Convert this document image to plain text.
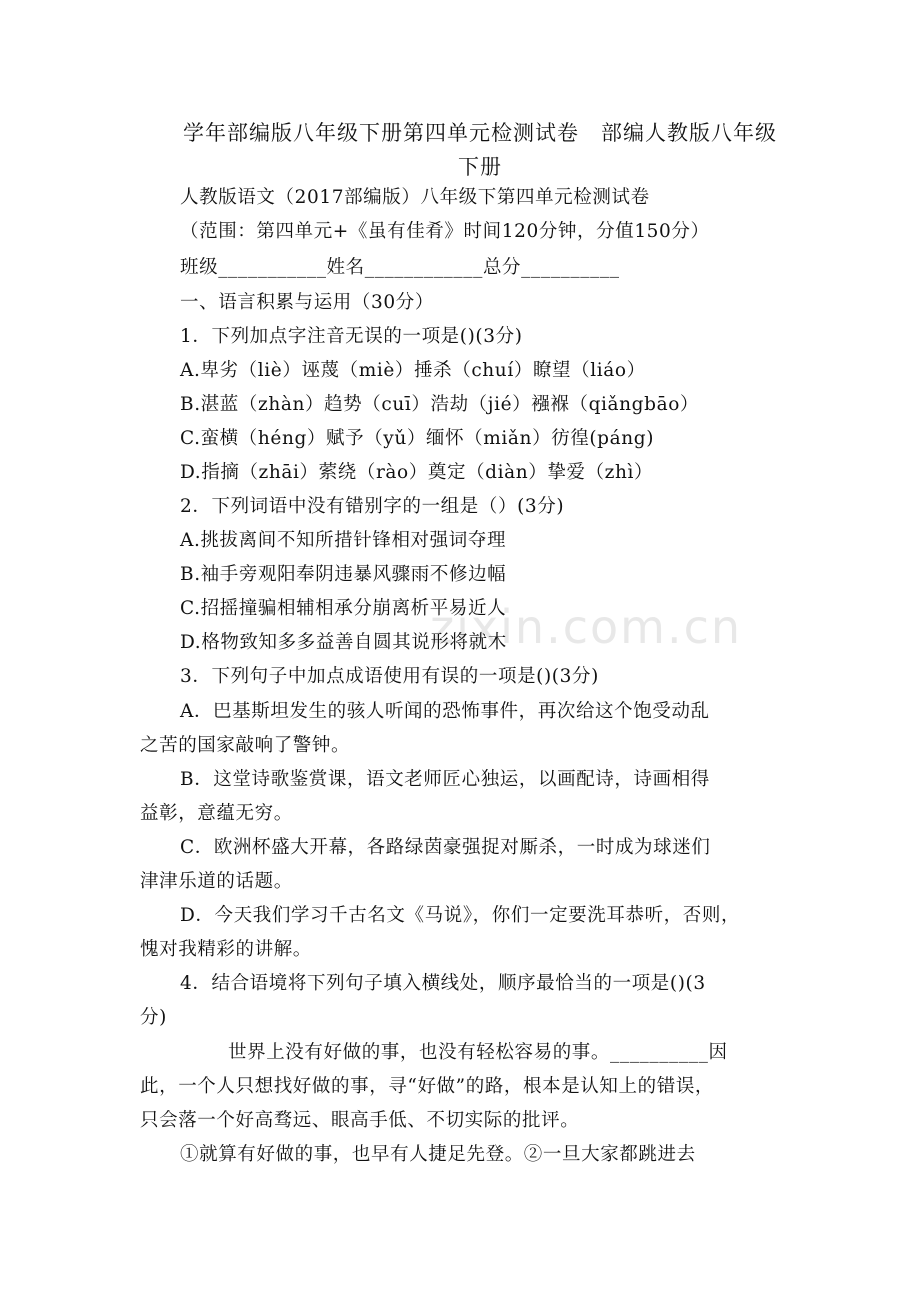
zixin.com.cn
学年部编版八年级下册第四单元检测试卷　部编人教版八年级
下册
人教版语文（2017部编版）八年级下第四单元检测试卷
（范围：第四单元+《虽有佳肴》时间120分钟，分值150分）
班级___________姓名____________总分__________
一、语言积累与运用（30分）
1．下列加点字注音无误的一项是()(3分)
A.卑劣（liè）诬蔑（miè）捶杀（chuí）瞭望（liáo）
B.湛蓝（zhàn）趋势（cuī）浩劫（jié）襁褓（qiǎngbāo）
C.蛮横（héng）赋予（yǔ）缅怀（miǎn）彷徨(páng)
D.指摘（zhāi）萦绕（rào）奠定（diàn）挚爱（zhì）
2．下列词语中没有错别字的一组是（）(3分)
A.挑拔离间不知所措针锋相对强词夺理
B.袖手旁观阳奉阴违暴风骤雨不修边幅
C.招摇撞骗相辅相承分崩离析平易近人
D.格物致知多多益善自圆其说形将就木
3．下列句子中加点成语使用有误的一项是()(3分)
A．巴基斯坦发生的骇人听闻的恐怖事件，再次给这个饱受动乱
之苦的国家敲响了警钟。
B．这堂诗歌鉴赏课，语文老师匠心独运，以画配诗，诗画相得
益彰，意蕴无穷。
C．欧洲杯盛大开幕，各路绿茵豪强捉对厮杀，一时成为球迷们
津津乐道的话题。
D．今天我们学习千古名文《马说》，你们一定要洗耳恭听，否则，
愧对我精彩的讲解。
4．结合语境将下列句子填入横线处，顺序最恰当的一项是()(3
分)
世界上没有好做的事，也没有轻松容易的事。__________因
此，一个人只想找好做的事，寻“好做”的路，根本是认知上的错误，
只会落一个好高骛远、眼高手低、不切实际的批评。
①就算有好做的事，也早有人捷足先登。②一旦大家都跳进去
